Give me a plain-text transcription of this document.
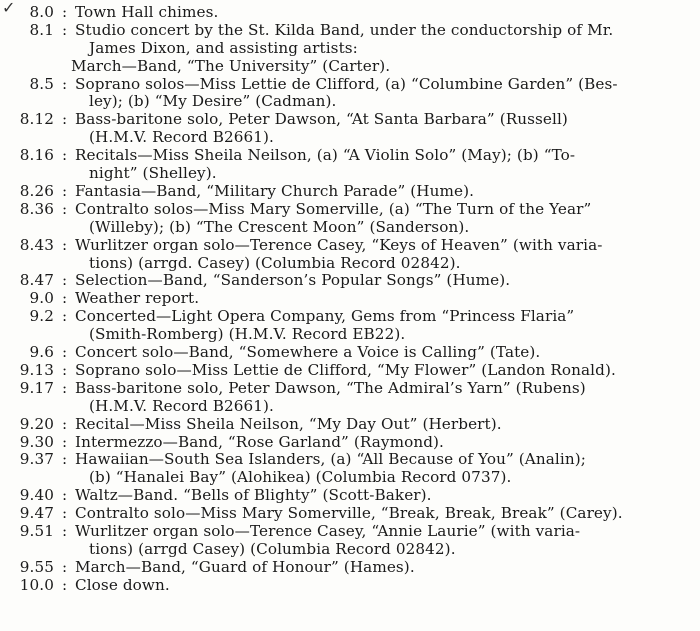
✓ 8.0 : Town Hall chimes.
8.1 : Studio concert by the St. Kilda Band, under the conductorship of Mr.
James Dixon, and assisting artists:
March—Band, “The University” (Carter).
8.5 : Soprano solos—Miss Lettie de Clifford, (a) “Columbine Garden” (Bes-
ley); (b) “My Desire” (Cadman).
8.12 : Bass-baritone solo, Peter Dawson, “At Santa Barbara” (Russell)
(H.M.V. Record B2661).
8.16 : Recitals—Miss Sheila Neilson, (a) “A Violin Solo” (May); (b) “To-
night” (Shelley).
8.26 : Fantasia—Band, “Military Church Parade” (Hume).
8.36 : Contralto solos—Miss Mary Somerville, (a) “The Turn of the Year”
(Willeby); (b) “The Crescent Moon” (Sanderson).
8.43 : Wurlitzer organ solo—Terence Casey, “Keys of Heaven” (with varia-
tions) (arrgd. Casey) (Columbia Record 02842).
8.47 : Selection—Band, “Sanderson’s Popular Songs” (Hume).
9.0 : Weather report.
9.2 : Concerted—Light Opera Company, Gems from “Princess Flaria”
(Smith-Romberg) (H.M.V. Record EB22).
9.6 : Concert solo—Band, “Somewhere a Voice is Calling” (Tate).
9.13 : Soprano solo—Miss Lettie de Clifford, “My Flower” (Landon Ronald).
9.17 : Bass-baritone solo, Peter Dawson, “The Admiral’s Yarn” (Rubens)
(H.M.V. Record B2661).
9.20 : Recital—Miss Sheila Neilson, “My Day Out” (Herbert).
9.30 : Intermezzo—Band, “Rose Garland” (Raymond).
9.37 : Hawaiian—South Sea Islanders, (a) “All Because of You” (Analin);
(b) “Hanalei Bay” (Alohikea) (Columbia Record 0737).
9.40 : Waltz—Band. “Bells of Blighty” (Scott-Baker).
9.47 : Contralto solo—Miss Mary Somerville, “Break, Break, Break” (Carey).
9.51 : Wurlitzer organ solo—Terence Casey, “Annie Laurie” (with varia-
tions) (arrgd Casey) (Columbia Record 02842).
9.55 : March—Band, “Guard of Honour” (Hames).
10.0 : Close down.
